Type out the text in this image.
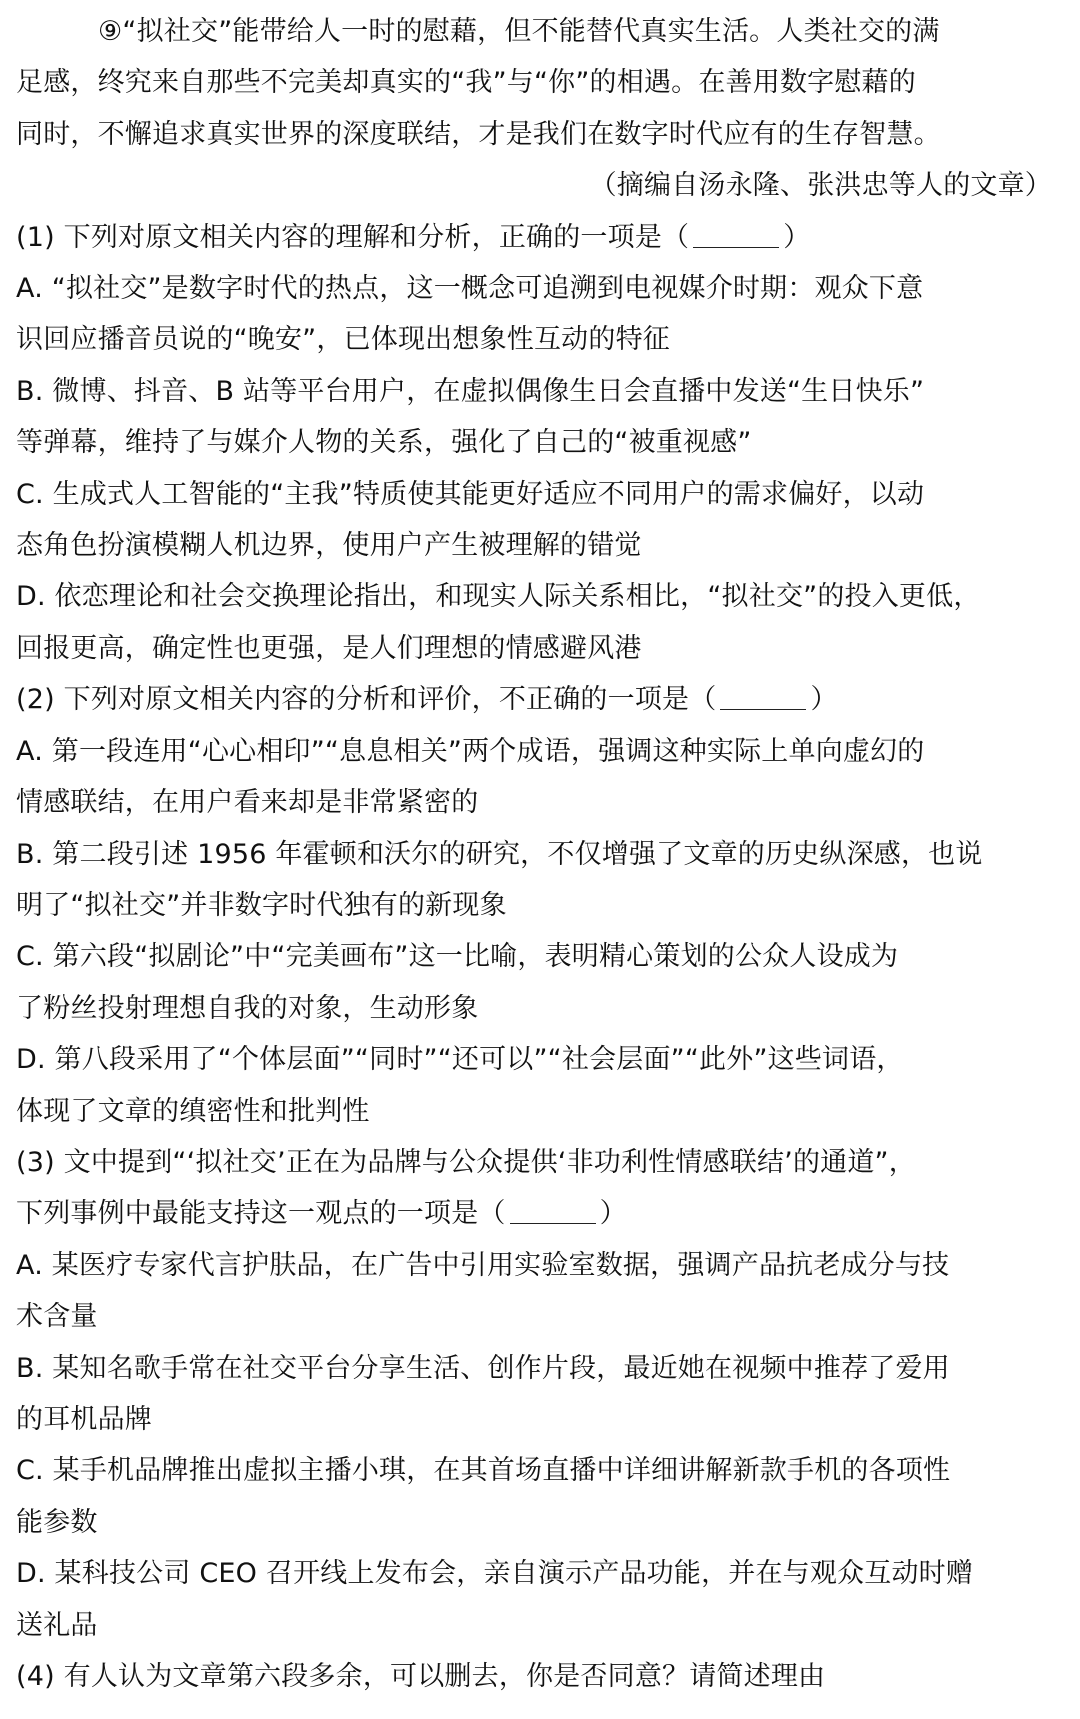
⑨“拟社交”能带给人一时的慰藉，但不能替代真实生活。人类社交的满

足感，终究来自那些不完美却真实的“我”与“你”的相遇。在善用数字慰藉的

同时，不懈追求真实世界的深度联结，才是我们在数字时代应有的生存智慧。

（摘编自汤永隆、张洪忠等人的文章）

(1) 下列对原文相关内容的理解和分析，正确的一项是（	）

A. “拟社交”是数字时代的热点，这一概念可追溯到电视媒介时期：观众下意

识回应播音员说的“晚安”，已体现出想象性互动的特征

B. 微博、抖音、B 站等平台用户，在虚拟偶像生日会直播中发送“生日快乐”

等弹幕，维持了与媒介人物的关系，强化了自己的“被重视感”

C. 生成式人工智能的“主我”特质使其能更好适应不同用户的需求偏好，以动

态角色扮演模糊人机边界，使用户产生被理解的错觉

D. 依恋理论和社会交换理论指出，和现实人际关系相比，“拟社交”的投入更低，

回报更高，确定性也更强，是人们理想的情感避风港

(2) 下列对原文相关内容的分析和评价，不正确的一项是（	）

A. 第一段连用“心心相印”“息息相关”两个成语，强调这种实际上单向虚幻的

情感联结，在用户看来却是非常紧密的

B. 第二段引述 1956 年霍顿和沃尔的研究，不仅增强了文章的历史纵深感，也说

明了“拟社交”并非数字时代独有的新现象

C. 第六段“拟剧论”中“完美画布”这一比喻，表明精心策划的公众人设成为

了粉丝投射理想自我的对象，生动形象

D. 第八段采用了“个体层面”“同时”“还可以”“社会层面”“此外”这些词语，

体现了文章的缜密性和批判性

(3) 文中提到“‘拟社交’正在为品牌与公众提供‘非功利性情感联结’的通道”，

下列事例中最能支持这一观点的一项是（	）

A. 某医疗专家代言护肤品，在广告中引用实验室数据，强调产品抗老成分与技

术含量

B. 某知名歌手常在社交平台分享生活、创作片段，最近她在视频中推荐了爱用

的耳机品牌

C. 某手机品牌推出虚拟主播小琪，在其首场直播中详细讲解新款手机的各项性

能参数

D. 某科技公司 CEO 召开线上发布会，亲自演示产品功能，并在与观众互动时赠

送礼品

(4) 有人认为文章第六段多余，可以删去，你是否同意？请简述理由
